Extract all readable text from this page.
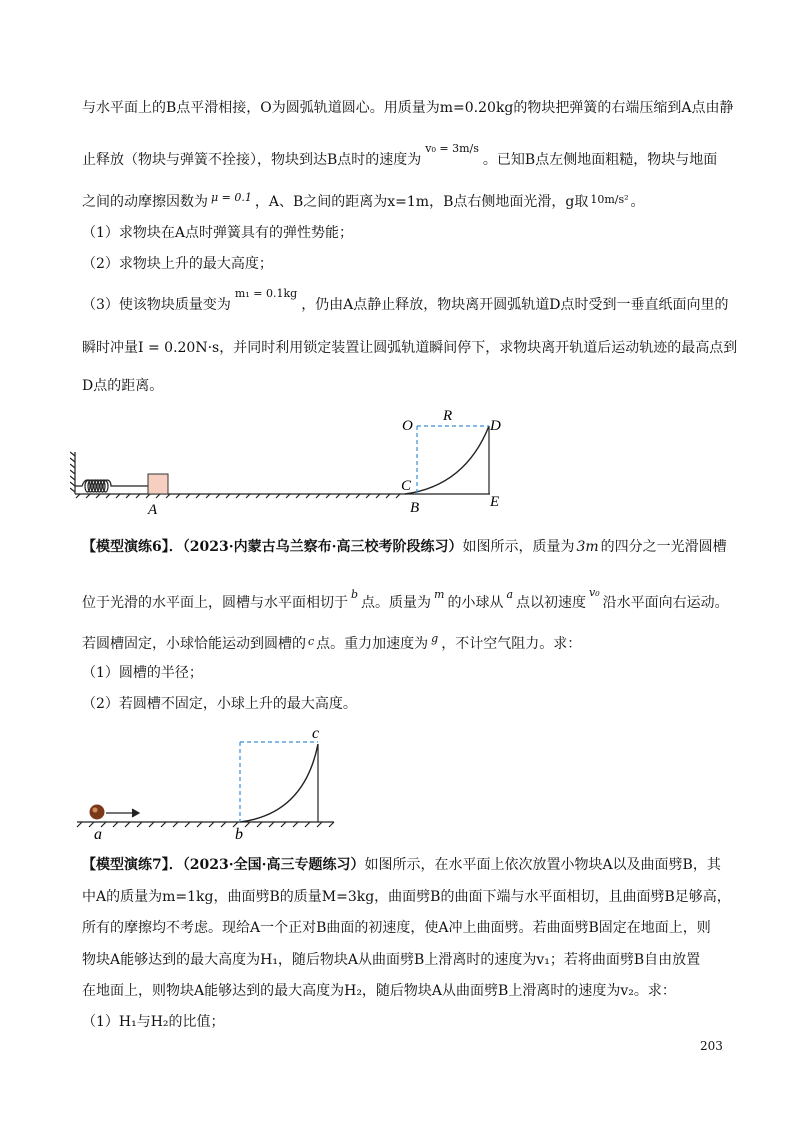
与水平面上的B点平滑相接，O为圆弧轨道圆心。用质量为m=0.20kg的物块把弹簧的右端压缩到A点由静
止释放（物块与弹簧不拴接），物块到达B点时的速度为$^{v_0 = 3m/s}$。已知B点左侧地面粗糙，物块与地面
之间的动摩擦因数为 $^{\mu = 0.1}$ ，A、B之间的距离为x=1m，B点右侧地面光滑，g取 $^{10m/s^2}$ 。
（1）求物块在A点时弹簧具有的弹性势能；
（2）求物块上升的最大高度；
（3）使该物块质量变为$^{m_1 = 0.1kg}$，仍由A点静止释放，物块离开圆弧轨道D点时受到一垂直纸面向里的
瞬时冲量I = 0.20N·s，并同时利用锁定装置让圆弧轨道瞬间停下，求物块离开轨道后运动轨迹的最高点到
D点的距离。
O
R
D
C
B	E
A
【模型演练6】．（2023·内蒙古乌兰察布·高三校考阶段练习）如图所示，质量为 3m 的四分之一光滑圆槽
位于光滑的水平面上，圆槽与水平面相切于$^b$点。质量为$^m$的小球从$^a$点以初速度$^{v_0}$沿水平面向右运动。
若圆槽固定，小球恰能运动到圆槽的 $^c$ 点。重力加速度为 $^g$ ，不计空气阻力。求：
（1）圆槽的半径；
（2）若圆槽不固定，小球上升的最大高度。
c
a	b
【模型演练7】．（2023·全国·高三专题练习）如图所示，在水平面上依次放置小物块A以及曲面劈B，其
中A的质量为m=1kg，曲面劈B的质量M=3kg，曲面劈B的曲面下端与水平面相切，且曲面劈B足够高，
所有的摩擦均不考虑。现给A一个正对B曲面的初速度，使A冲上曲面劈。若曲面劈B固定在地面上，则
物块A能够达到的最大高度为H₁，随后物块A从曲面劈B上滑离时的速度为v₁；若将曲面劈B自由放置
在地面上，则物块A能够达到的最大高度为H₂，随后物块A从曲面劈B上滑离时的速度为v₂。求：
（1）H₁与H₂的比值；
203
